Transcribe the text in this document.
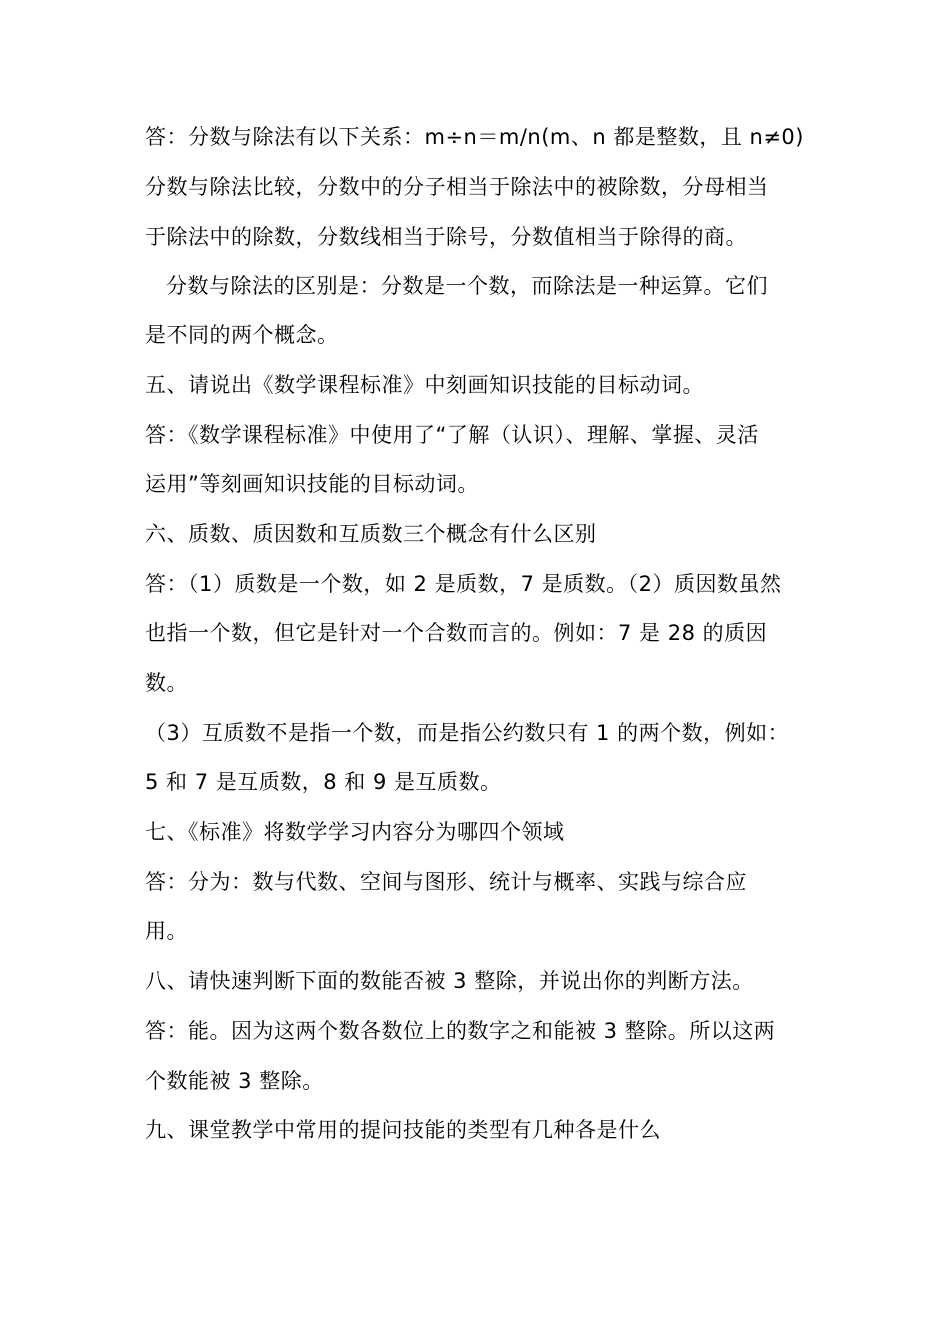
答：分数与除法有以下关系：m÷n＝m/n(m、n 都是整数，且 n≠0)
分数与除法比较，分数中的分子相当于除法中的被除数，分母相当
于除法中的除数，分数线相当于除号，分数值相当于除得的商。
分数与除法的区别是：分数是一个数，而除法是一种运算。它们
是不同的两个概念。
五、请说出《数学课程标准》中刻画知识技能的目标动词。
答：《数学课程标准》中使用了“了解（认识）、理解、掌握、灵活
运用”等刻画知识技能的目标动词。
六、质数、质因数和互质数三个概念有什么区别
答：（1）质数是一个数，如 2 是质数，7 是质数。（2）质因数虽然
也指一个数，但它是针对一个合数而言的。例如：7 是 28 的质因
数。
（3）互质数不是指一个数，而是指公约数只有 1 的两个数，例如：
5 和 7 是互质数，8 和 9 是互质数。
七、《标准》将数学学习内容分为哪四个领域
答：分为：数与代数、空间与图形、统计与概率、实践与综合应
用。
八、请快速判断下面的数能否被 3 整除，并说出你的判断方法。
答：能。因为这两个数各数位上的数字之和能被 3 整除。所以这两
个数能被 3 整除。
九、课堂教学中常用的提问技能的类型有几种各是什么
